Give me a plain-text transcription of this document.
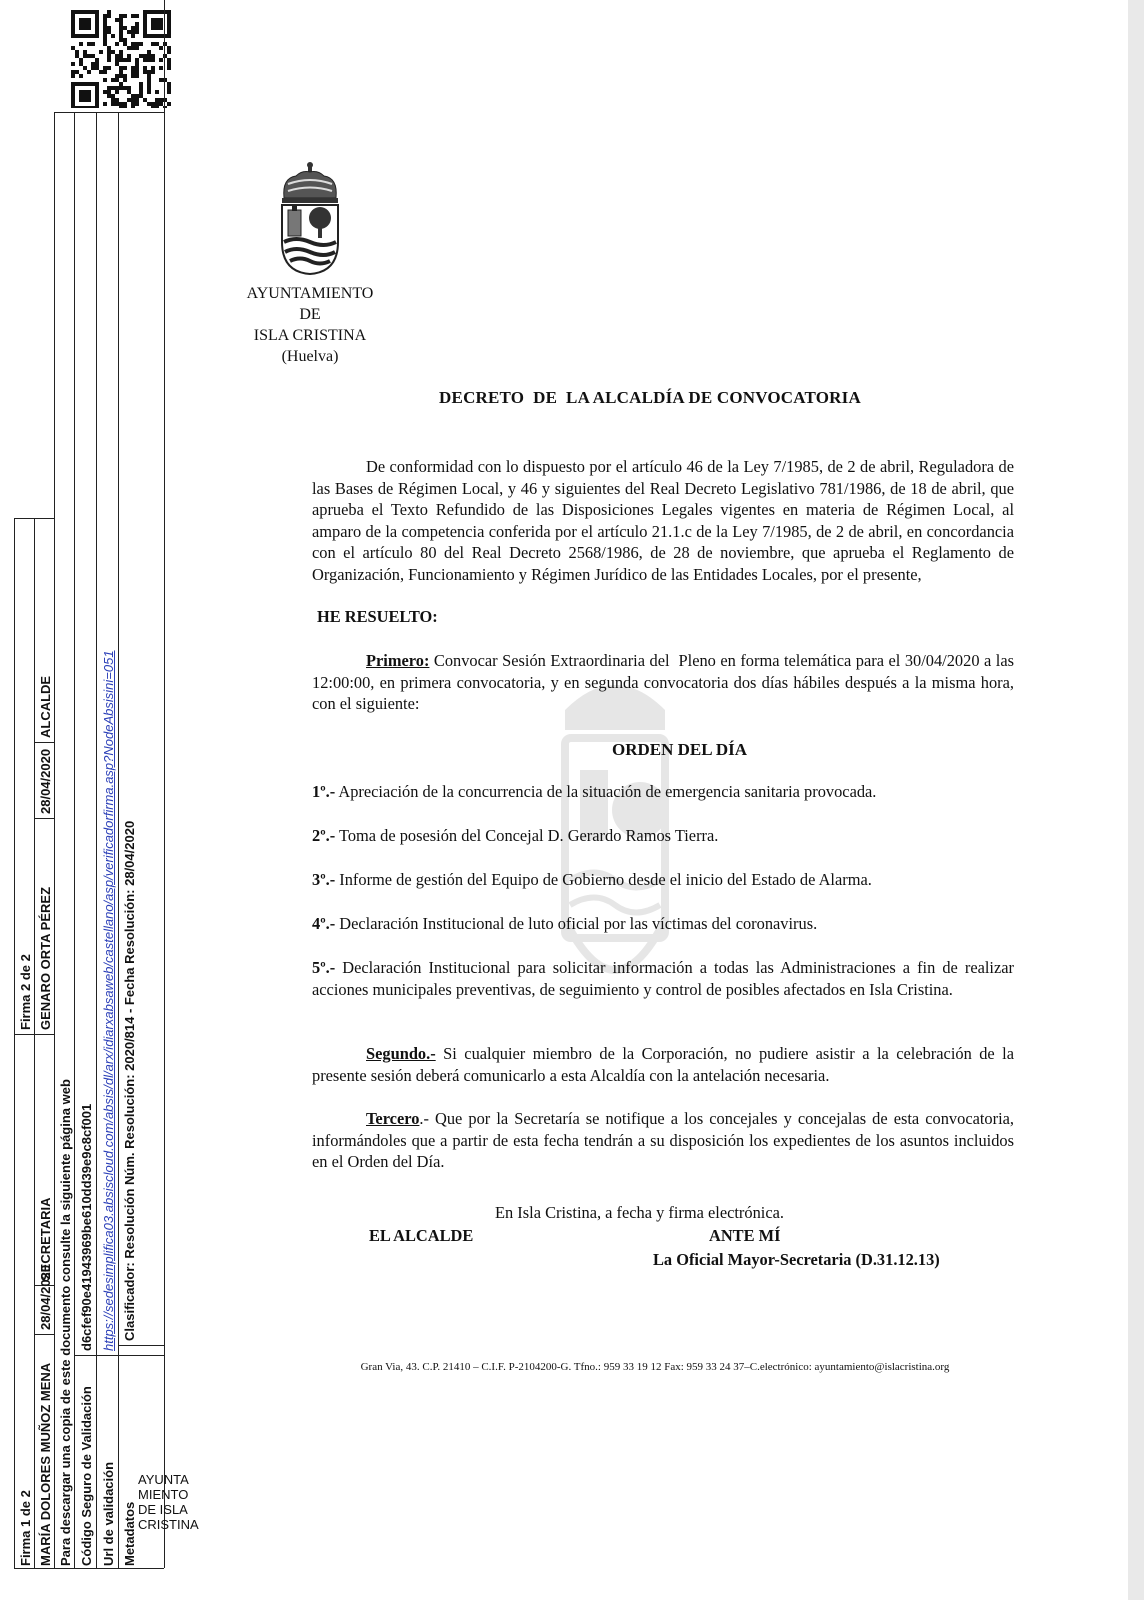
Firma 1 de 2 MARÍA DOLORES MUÑOZ MENA
28/04/2020
SECRETARIA
Firma 2 de 2 GENARO ORTA PÉREZ
28/04/2020
ALCALDE
Para descargar una copia de este documento consulte la siguiente página web Código Seguro de Validación
d6cfef90e41943969be610dd39e9c8cf001
Url de validación
https://sedesimplifica03.absiscloud.com/absis/dl/arx/idiarxabsaweb/castellano/asp/verificadorfirma.asp?NodeAbsisini=051
Metadatos
Clasificador: Resolución Núm. Resolución: 2020/814 - Fecha Resolución: 28/04/2020
AYUNTA
MIENTO
DE ISLA
CRISTINA
AYUNTAMIENTO
DE
ISLA CRISTINA
(Huelva)
DECRETO  DE  LA ALCALDÍA DE CONVOCATORIA
De conformidad con lo dispuesto por el artículo 46 de la Ley 7/1985, de 2 de abril, Reguladora de las Bases de Régimen Local, y 46 y siguientes del Real Decreto Legislativo 781/1986, de 18 de abril, que aprueba el Texto Refundido de las Disposiciones Legales vigentes en materia de Régimen Local, al amparo de la competencia conferida por el artículo 21.1.c de la Ley 7/1985, de 2 de abril, en concordancia con el artículo 80 del Real Decreto 2568/1986, de 28 de noviembre, que aprueba el Reglamento de Organización, Funcionamiento y Régimen Jurídico de las Entidades Locales, por el presente,
HE RESUELTO:
Primero: Convocar Sesión Extraordinaria del  Pleno en forma telemática para el 30/04/2020 a las 12:00:00, en primera convocatoria, y en segunda convocatoria dos días hábiles después a la misma hora, con el siguiente:
ORDEN DEL DÍA
1º.- Apreciación de la concurrencia de la situación de emergencia sanitaria provocada.
2º.- Toma de posesión del Concejal D. Gerardo Ramos Tierra.
3º.- Informe de gestión del Equipo de Gobierno desde el inicio del Estado de Alarma.
4º.- Declaración Institucional de luto oficial por las víctimas del coronavirus.
5º.- Declaración Institucional para solicitar información a todas las Administraciones a fin de realizar acciones municipales preventivas, de seguimiento y control de posibles afectados en Isla Cristina.
Segundo.- Si cualquier miembro de la Corporación, no pudiere asistir a la celebración de la presente sesión deberá comunicarlo a esta Alcaldía con la antelación necesaria.
Tercero.- Que por la Secretaría se notifique a los concejales y concejalas de esta convocatoria, informándoles que a partir de esta fecha tendrán a su disposición los expedientes de los asuntos incluidos en el Orden del Día.
En Isla Cristina, a fecha y firma electrónica.
EL ALCALDE	ANTE MÍ
La Oficial Mayor-Secretaria (D.31.12.13)
Gran Via, 43. C.P. 21410 – C.I.F. P-2104200-G. Tfno.: 959 33 19 12 Fax: 959 33 24 37–C.electrónico: ayuntamiento@islacristina.org
